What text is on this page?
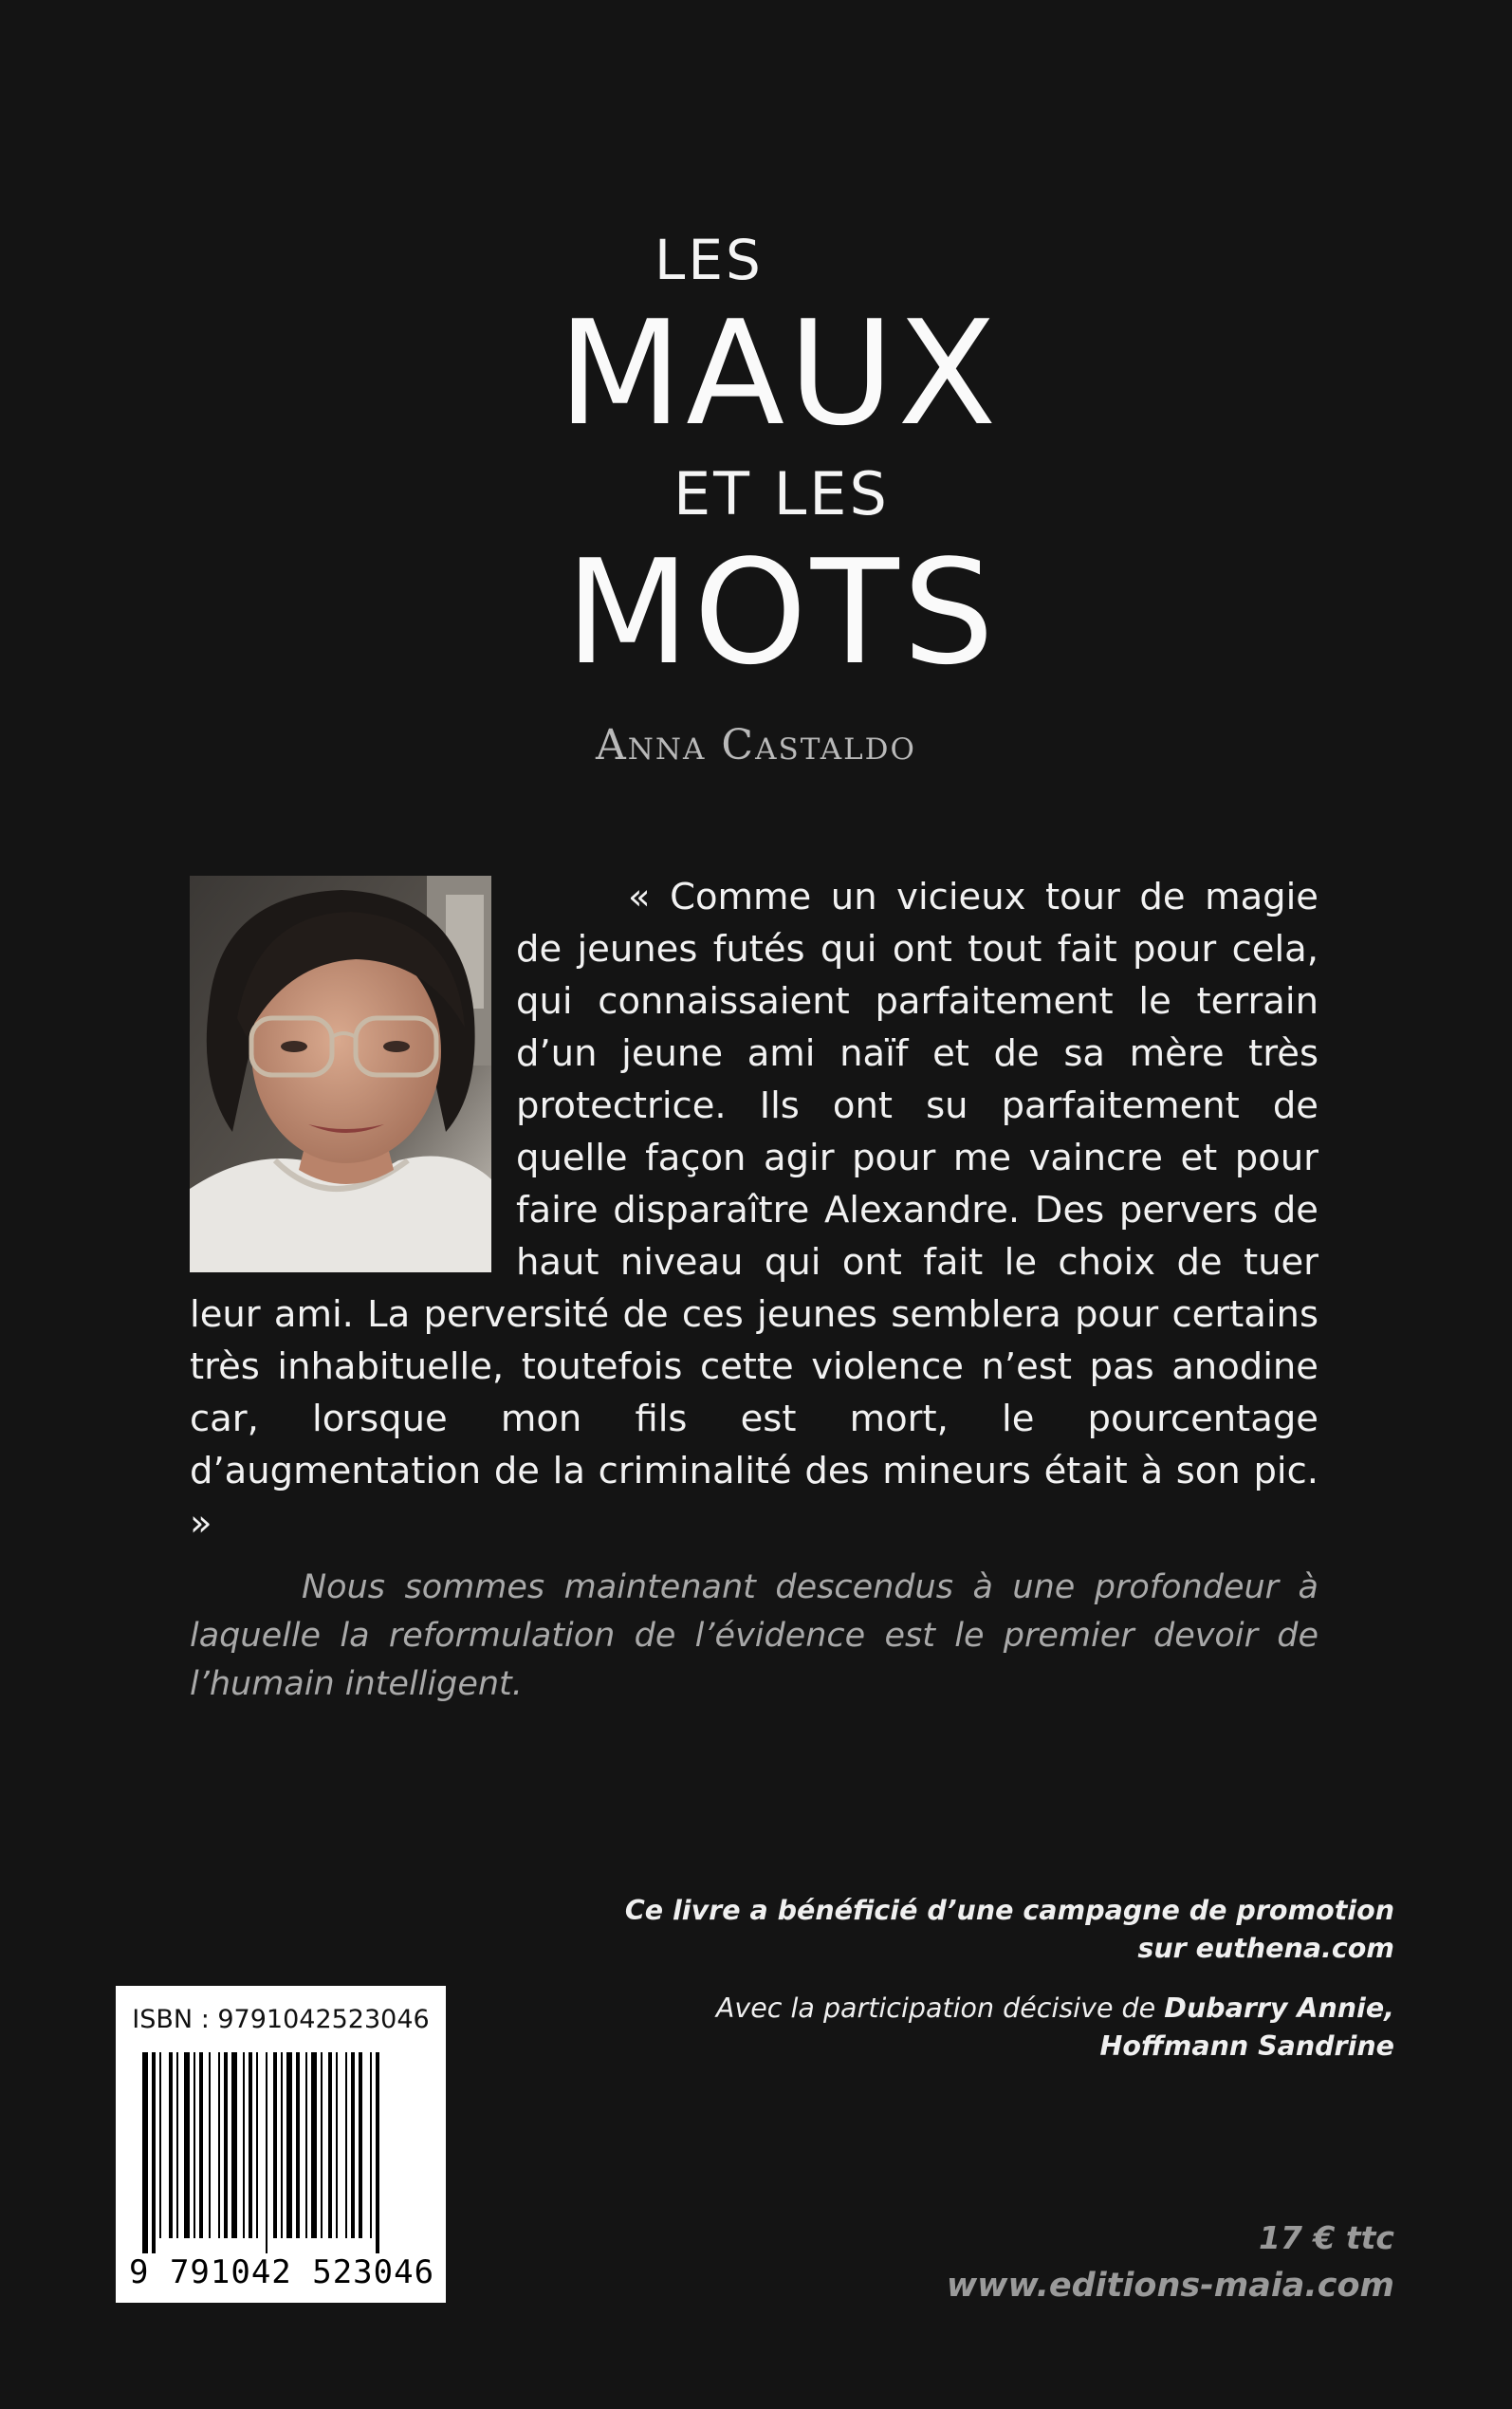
LES
MAUX
ET LES
MOTS
Anna Castaldo

« Comme un vicieux tour de magie de jeunes futés qui ont tout fait pour cela, qui connaissaient parfaitement le terrain d’un jeune ami naïf et de sa mère très protectrice. Ils ont su parfaitement de quelle façon agir pour me vaincre et pour faire disparaître Alexandre. Des pervers de haut niveau qui ont fait le choix de tuer leur ami. La perversité de ces jeunes semblera pour certains très inhabituelle, toutefois cette violence n’est pas anodine car, lorsque mon fils est mort, le pourcentage d’augmentation de la criminalité des mineurs était à son pic. »

Nous sommes maintenant descendus à une profondeur à laquelle la reformulation de l’évidence est le premier devoir de l’humain intelligent.

Ce livre a bénéficié d’une campagne de promotion
sur euthena.com
Avec la participation décisive de Dubarry Annie,
Hoffmann Sandrine
ISBN : 9791042523046
9 791042 523046
17 € ttc
www.editions-maia.com
